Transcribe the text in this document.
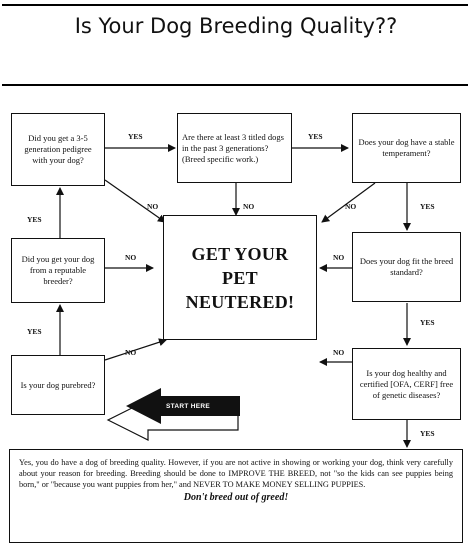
Is Your Dog Breeding Quality??
Did you get a 3-5 generation pedigree with your dog?
Are there at least 3 titled dogs in the past 3 generations? (Breed specific work.)
Does your dog have a stable temperament?
Did you get your dog from a reputable breeder?
GET YOUR PET NEUTERED!
Does your dog fit the breed standard?
Is your dog purebred?
Is your dog healthy and certified [OFA, CERF] free of genetic diseases?
START HERE
Yes, you do have a dog of breeding quality. However, if you are not active in showing or working your dog, think very carefully about your reason for breeding. Breeding should be done to IMPROVE THE BREED, not "so the kids can see puppies being born," or "because you want puppies from her," and NEVER TO MAKE MONEY SELLING PUPPIES.
Don't breed out of greed!
YES	YES
NO	NO	NO	YES
YES
NO	NO
YES
YES
NO	NO
YES
